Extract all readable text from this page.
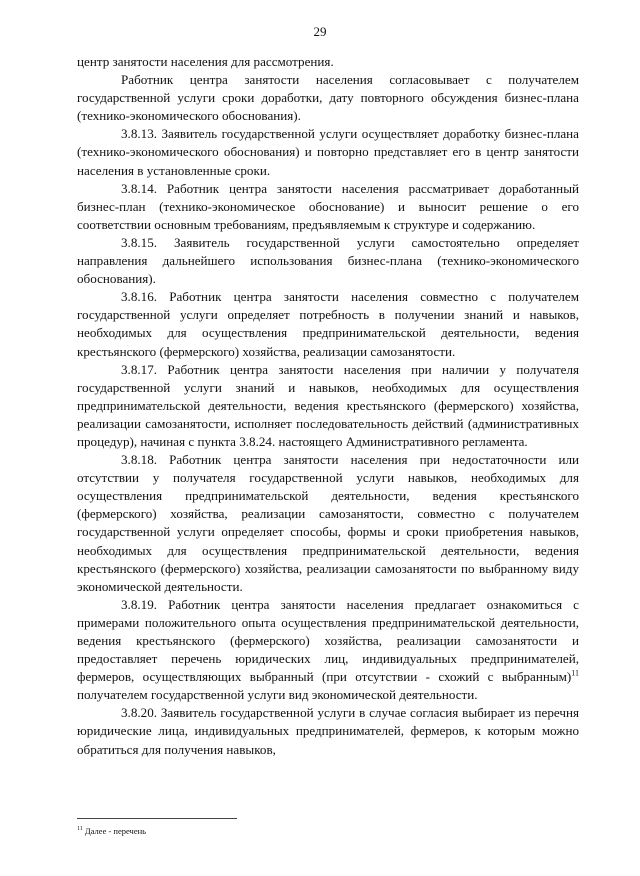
29

центр занятости населения для рассмотрения.

Работник центра занятости населения согласовывает с получателем государственной услуги сроки доработки, дату повторного обсуждения бизнес-плана (технико-экономического обоснования).

3.8.13. Заявитель государственной услуги осуществляет доработку бизнес-плана (технико-экономического обоснования) и повторно представляет его в центр занятости населения в установленные сроки.

3.8.14. Работник центра занятости населения рассматривает доработанный бизнес-план (технико-экономическое обоснование) и выносит решение о его соответствии основным требованиям, предъявляемым к структуре и содержанию.

3.8.15. Заявитель государственной услуги самостоятельно определяет направления дальнейшего использования бизнес-плана (технико-экономического обоснования).

3.8.16. Работник центра занятости населения совместно с получателем государственной услуги определяет потребность в получении знаний и навыков, необходимых для осуществления предпринимательской деятельности, ведения крестьянского (фермерского) хозяйства, реализации самозанятости.

3.8.17. Работник центра занятости населения при наличии у получателя государственной услуги знаний и навыков, необходимых для осуществления предпринимательской деятельности, ведения крестьянского (фермерского) хозяйства, реализации самозанятости, исполняет последовательность действий (административных процедур), начиная с пункта 3.8.24. настоящего Административного регламента.

3.8.18. Работник центра занятости населения при недостаточности или отсутствии у получателя государственной услуги навыков, необходимых для осуществления предпринимательской деятельности, ведения крестьянского (фермерского) хозяйства, реализации самозанятости, совместно с получателем государственной услуги определяет способы, формы и сроки приобретения навыков, необходимых для осуществления предпринимательской деятельности, ведения крестьянского (фермерского) хозяйства, реализации самозанятости по выбранному виду экономической деятельности.

3.8.19. Работник центра занятости населения предлагает ознакомиться с примерами положительного опыта осуществления предпринимательской деятельности, ведения крестьянского (фермерского) хозяйства, реализации самозанятости и предоставляет перечень юридических лиц, индивидуальных предпринимателей, фермеров, осуществляющих выбранный (при отсутствии - схожий с выбранным)$^{11}$ получателем государственной услуги вид экономической деятельности.

3.8.20. Заявитель государственной услуги в случае согласия выбирает из перечня юридические лица, индивидуальных предпринимателей, фермеров, к которым можно обратиться для получения навыков,

$^{11}$ Далее - перечень
